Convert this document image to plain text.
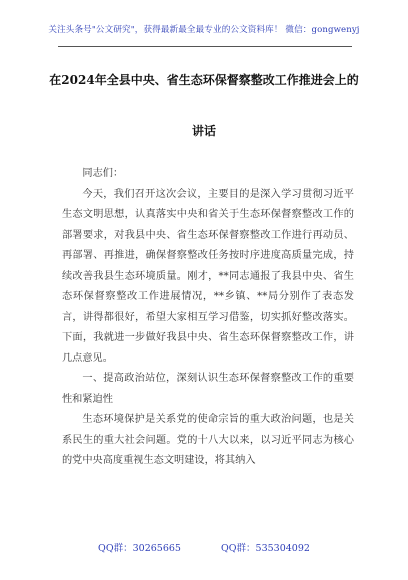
关注头条号"公文研究"，获得最新最全最专业的公文资料库！ 微信：gongwenyj
在2024年全县中央、省生态环保督察整改工作推进会上的
讲话

同志们：

今天，我们召开这次会议，主要目的是深入学习贯彻习近平生态文明思想，认真落实中央和省关于生态环保督察整改工作的部署要求，对我县中央、省生态环保督察整改工作进行再动员、再部署、再推进，确保督察整改任务按时序进度高质量完成，持续改善我县生态环境质量。刚才，**同志通报了我县中央、省生态环保督察整改工作进展情况，**乡镇、**局分别作了表态发言，讲得都很好，希望大家相互学习借鉴，切实抓好整改落实。下面，我就进一步做好我县中央、省生态环保督察整改工作，讲几点意见。

一、提高政治站位，深刻认识生态环保督察整改工作的重要性和紧迫性

生态环境保护是关系党的使命宗旨的重大政治问题，也是关系民生的重大社会问题。党的十八大以来，以习近平同志为核心的党中央高度重视生态文明建设，将其纳入

QQ群：30265665	QQ群：535304092
